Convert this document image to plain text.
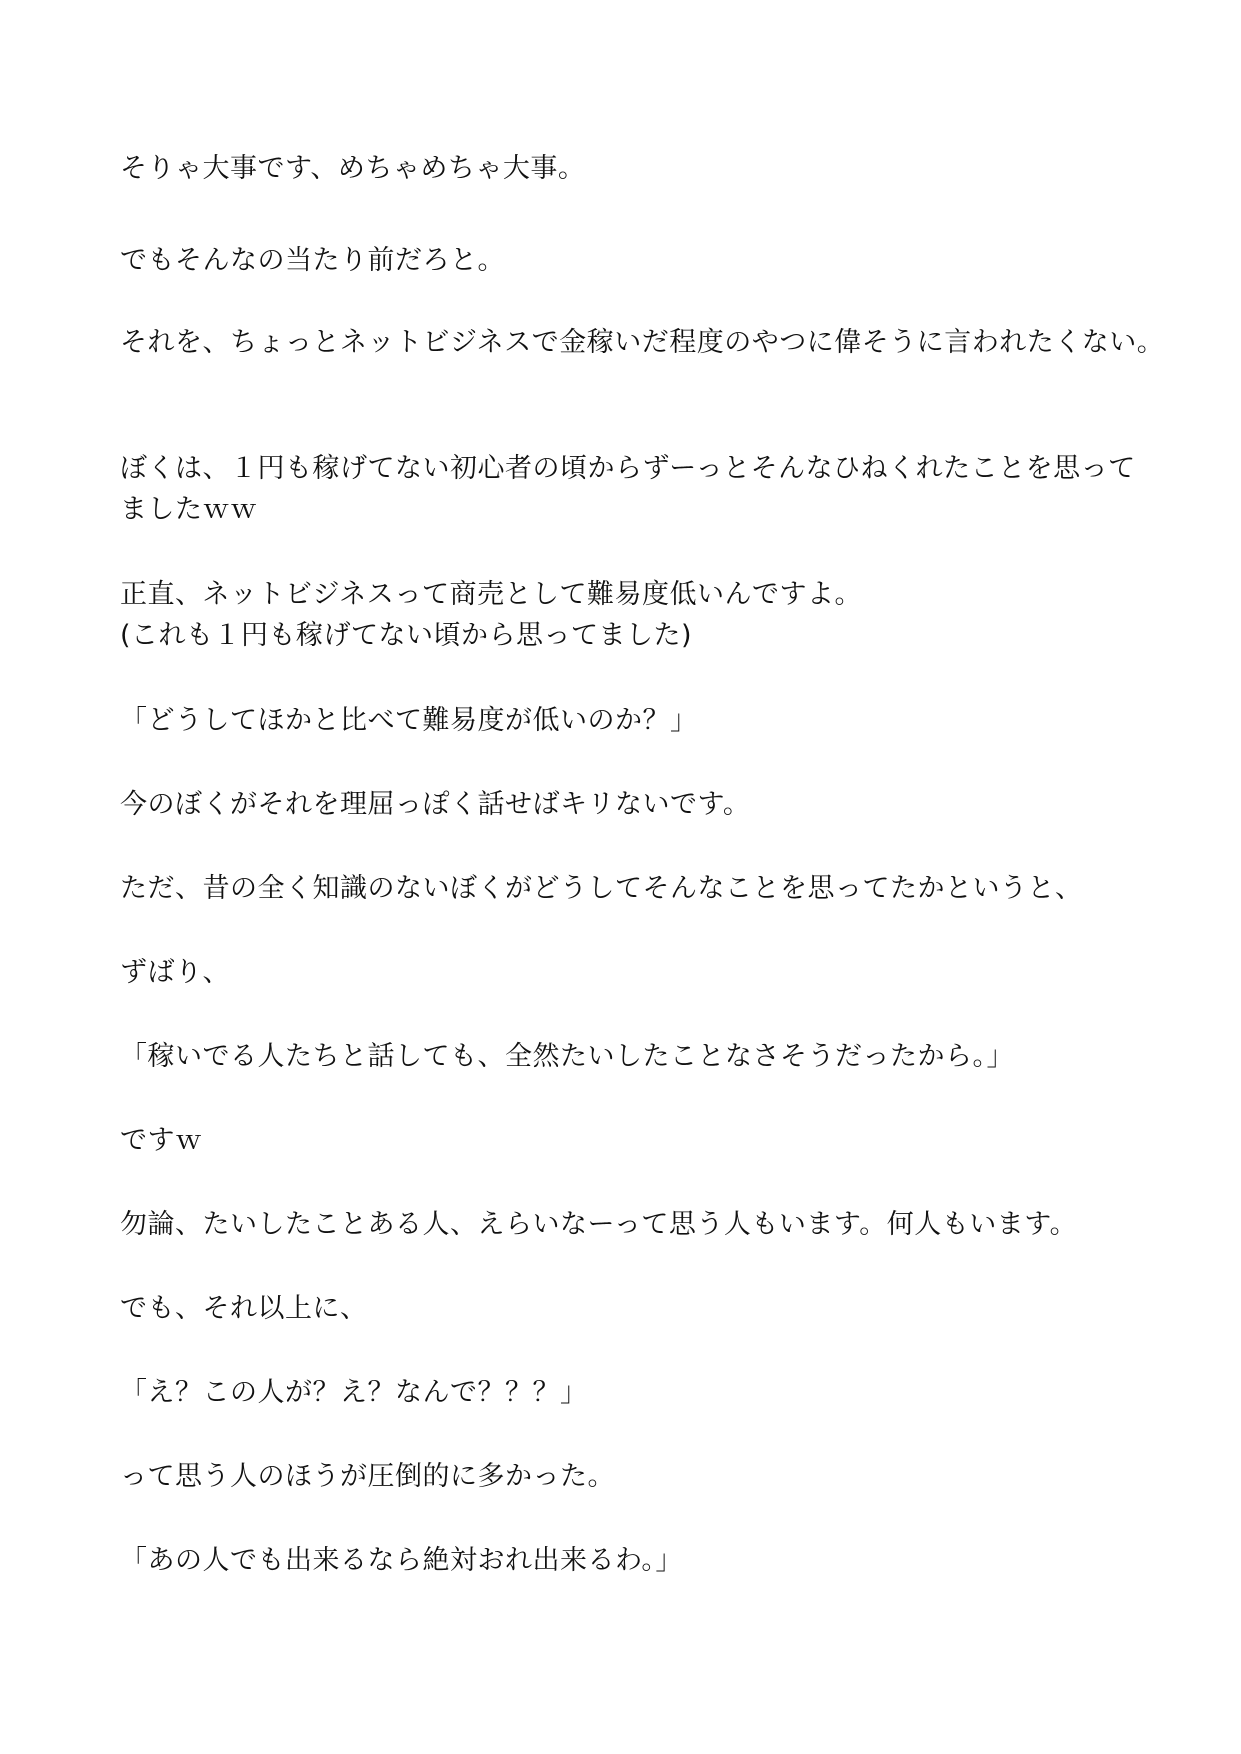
そりゃ大事です、めちゃめちゃ大事。

でもそんなの当たり前だろと。

それを、ちょっとネットビジネスで金稼いだ程度のやつに偉そうに言われたくない。

ぼくは、１円も稼げてない初心者の頃からずーっとそんなひねくれたことを思って
ましたｗｗ

正直、ネットビジネスって商売として難易度低いんですよ。
(これも１円も稼げてない頃から思ってました)

「どうしてほかと比べて難易度が低いのか？」

今のぼくがそれを理屈っぽく話せばキリないです。

ただ、昔の全く知識のないぼくがどうしてそんなことを思ってたかというと、

ずばり、

「稼いでる人たちと話しても、全然たいしたことなさそうだったから。」

ですｗ

勿論、たいしたことある人、えらいなーって思う人もいます。何人もいます。

でも、それ以上に、

「え？この人が？え？なんで？？？」

って思う人のほうが圧倒的に多かった。

「あの人でも出来るなら絶対おれ出来るわ。」
